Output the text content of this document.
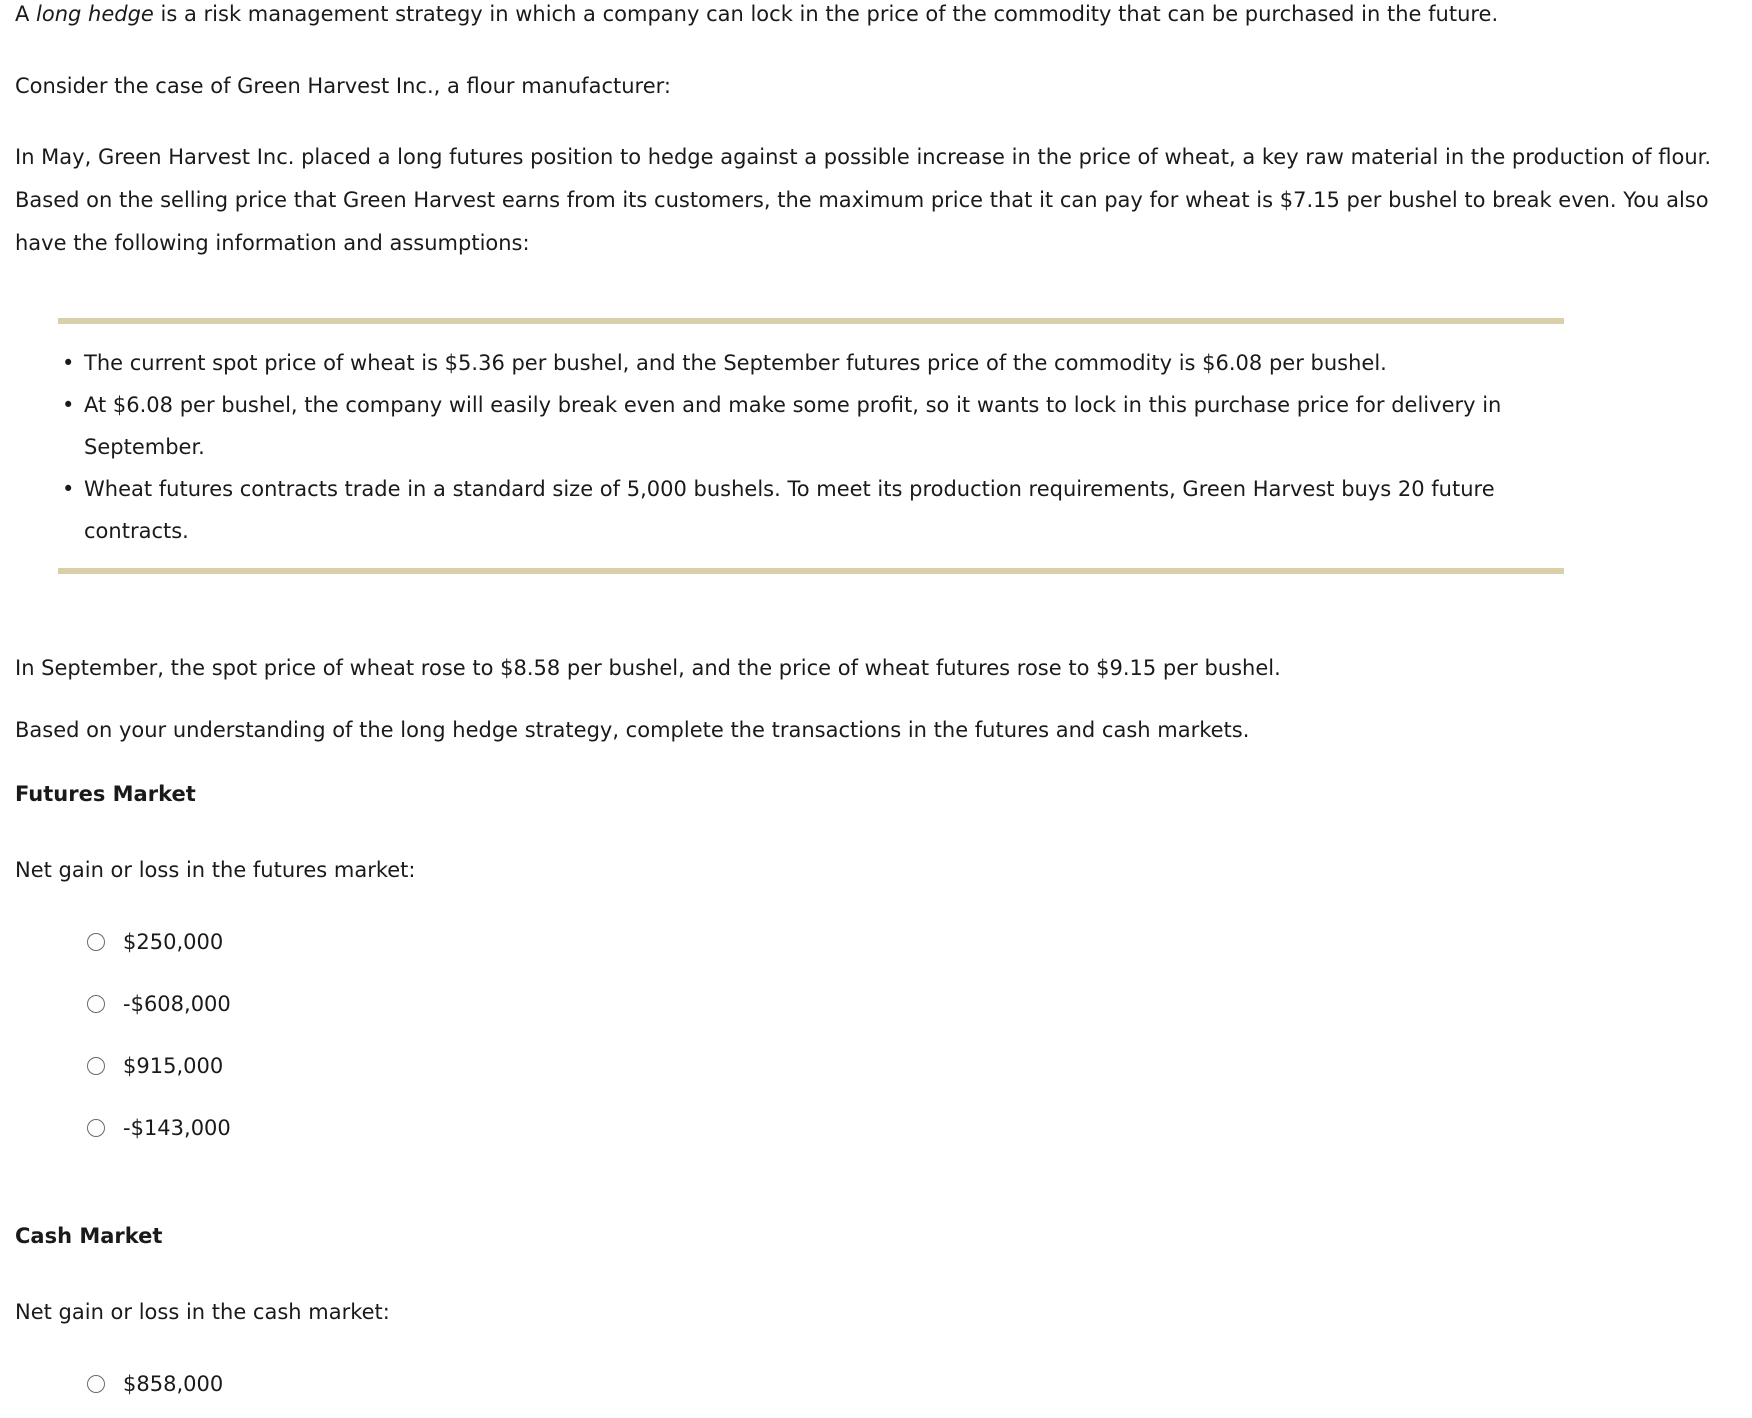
A long hedge is a risk management strategy in which a company can lock in the price of the commodity that can be purchased in the future.

Consider the case of Green Harvest Inc., a flour manufacturer:

In May, Green Harvest Inc. placed a long futures position to hedge against a possible increase in the price of wheat, a key raw material in the production of flour. Based on the selling price that Green Harvest earns from its customers, the maximum price that it can pay for wheat is $7.15 per bushel to break even. You also have the following information and assumptions:

• The current spot price of wheat is $5.36 per bushel, and the September futures price of the commodity is $6.08 per bushel.
• At $6.08 per bushel, the company will easily break even and make some profit, so it wants to lock in this purchase price for delivery in September.
• Wheat futures contracts trade in a standard size of 5,000 bushels. To meet its production requirements, Green Harvest buys 20 future contracts.

In September, the spot price of wheat rose to $8.58 per bushel, and the price of wheat futures rose to $9.15 per bushel.

Based on your understanding of the long hedge strategy, complete the transactions in the futures and cash markets.

Futures Market

Net gain or loss in the futures market:

$250,000
-$608,000
$915,000
-$143,000

Cash Market

Net gain or loss in the cash market:

$858,000
